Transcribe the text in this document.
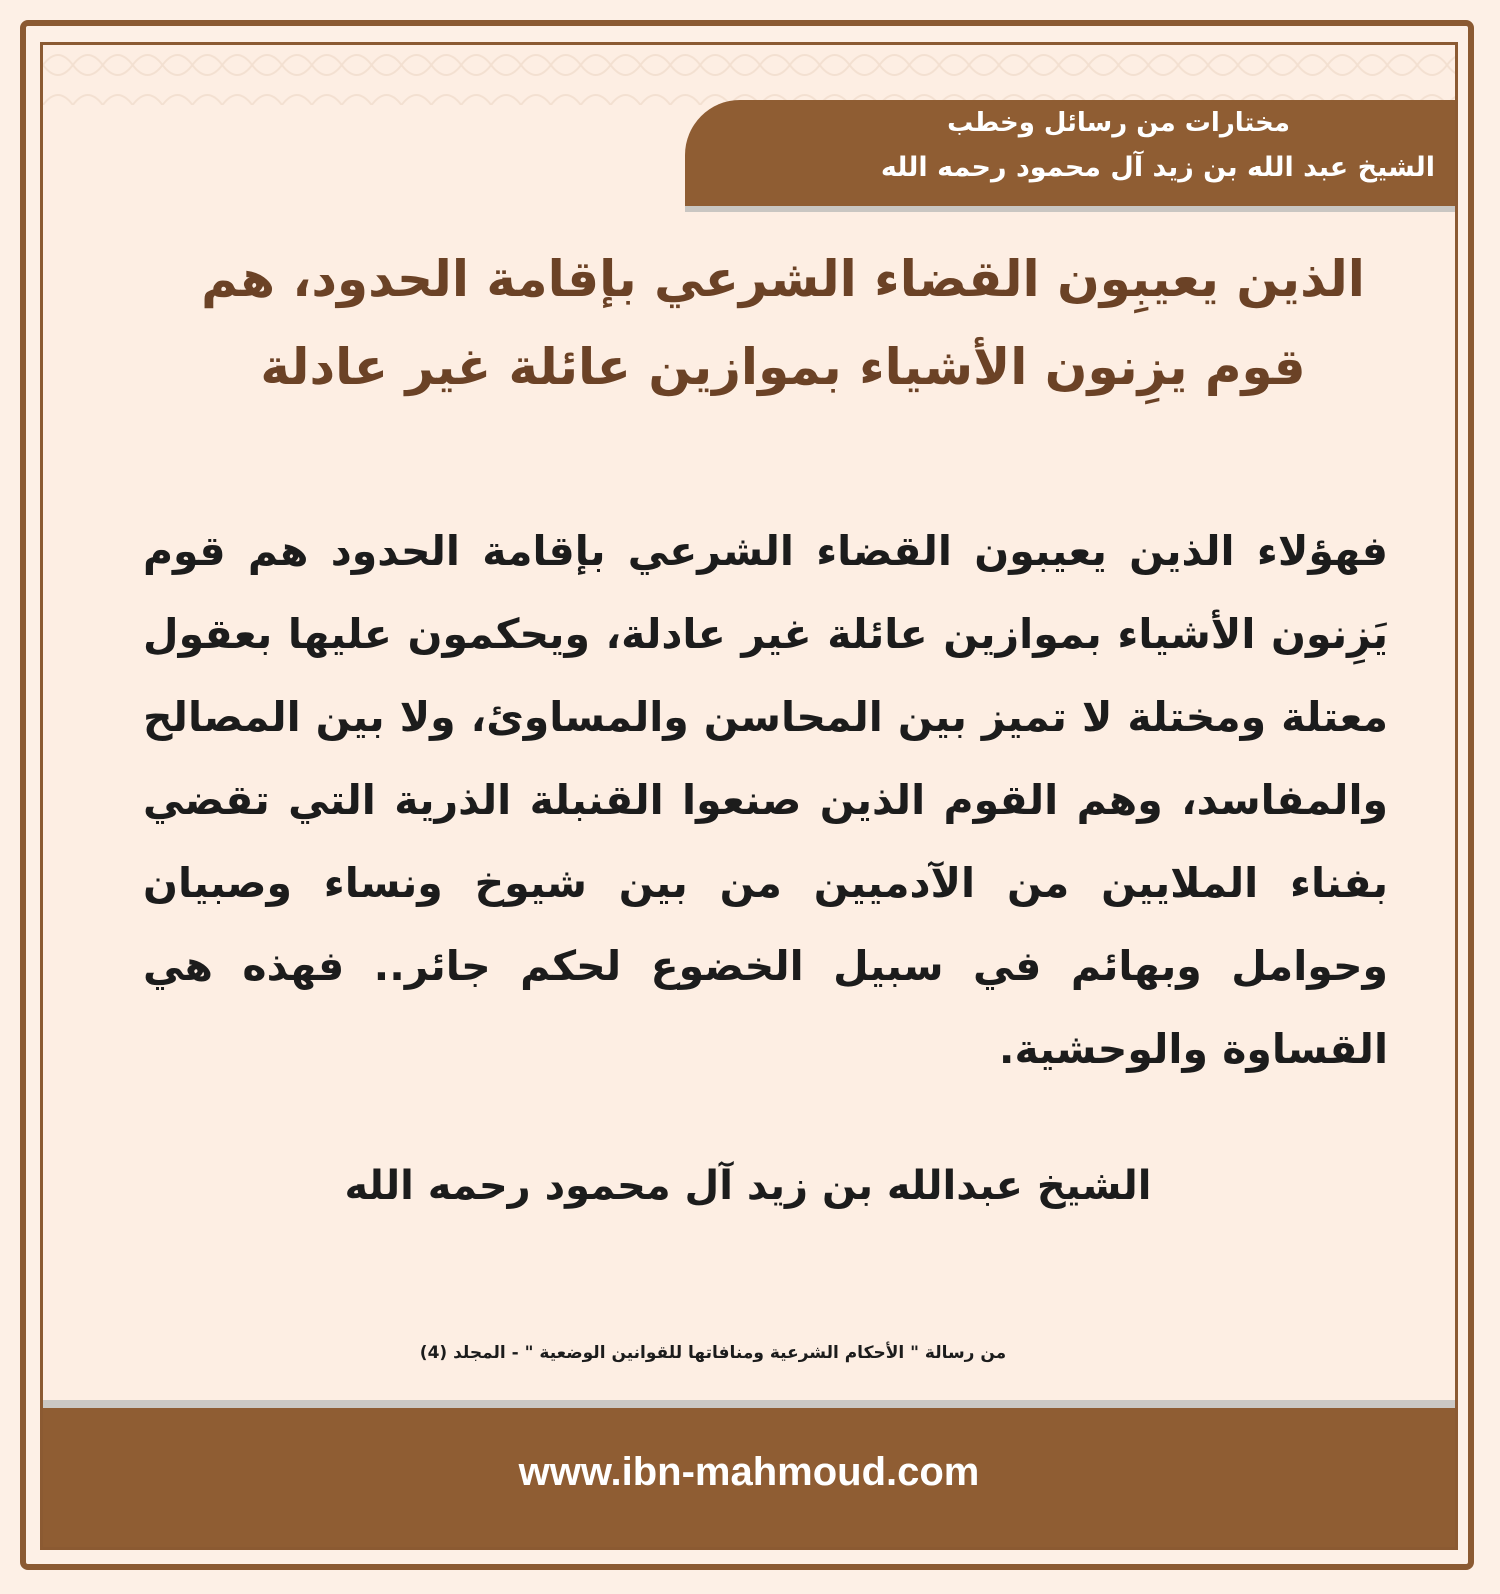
مختارات من رسائل وخطب
الشيخ عبد الله بن زيد آل محمود رحمه الله
الذين يعيبِون القضاء الشرعي بإقامة الحدود، هم قوم يزِنون الأشياء بموازين عائلة غير عادلة
فهؤلاء الذين يعيبون القضاء الشرعي بإقامة الحدود هم قوم يَزِنون الأشياء بموازين عائلة غير عادلة، ويحكمون عليها بعقول معتلة ومختلة لا تميز بين المحاسن والمساوئ، ولا بين المصالح والمفاسد، وهم القوم الذين صنعوا القنبلة الذرية التي تقضي بفناء الملايين من الآدميين من بين شيوخ ونساء وصبيان وحوامل وبهائم في سبيل الخضوع لحكم جائر.. فهذه هي القساوة والوحشية.
الشيخ عبدالله بن زيد آل محمود رحمه الله
من رسالة " الأحكام الشرعية ومنافاتها للقوانين الوضعية " - المجلد (4)
www.ibn-mahmoud.com
